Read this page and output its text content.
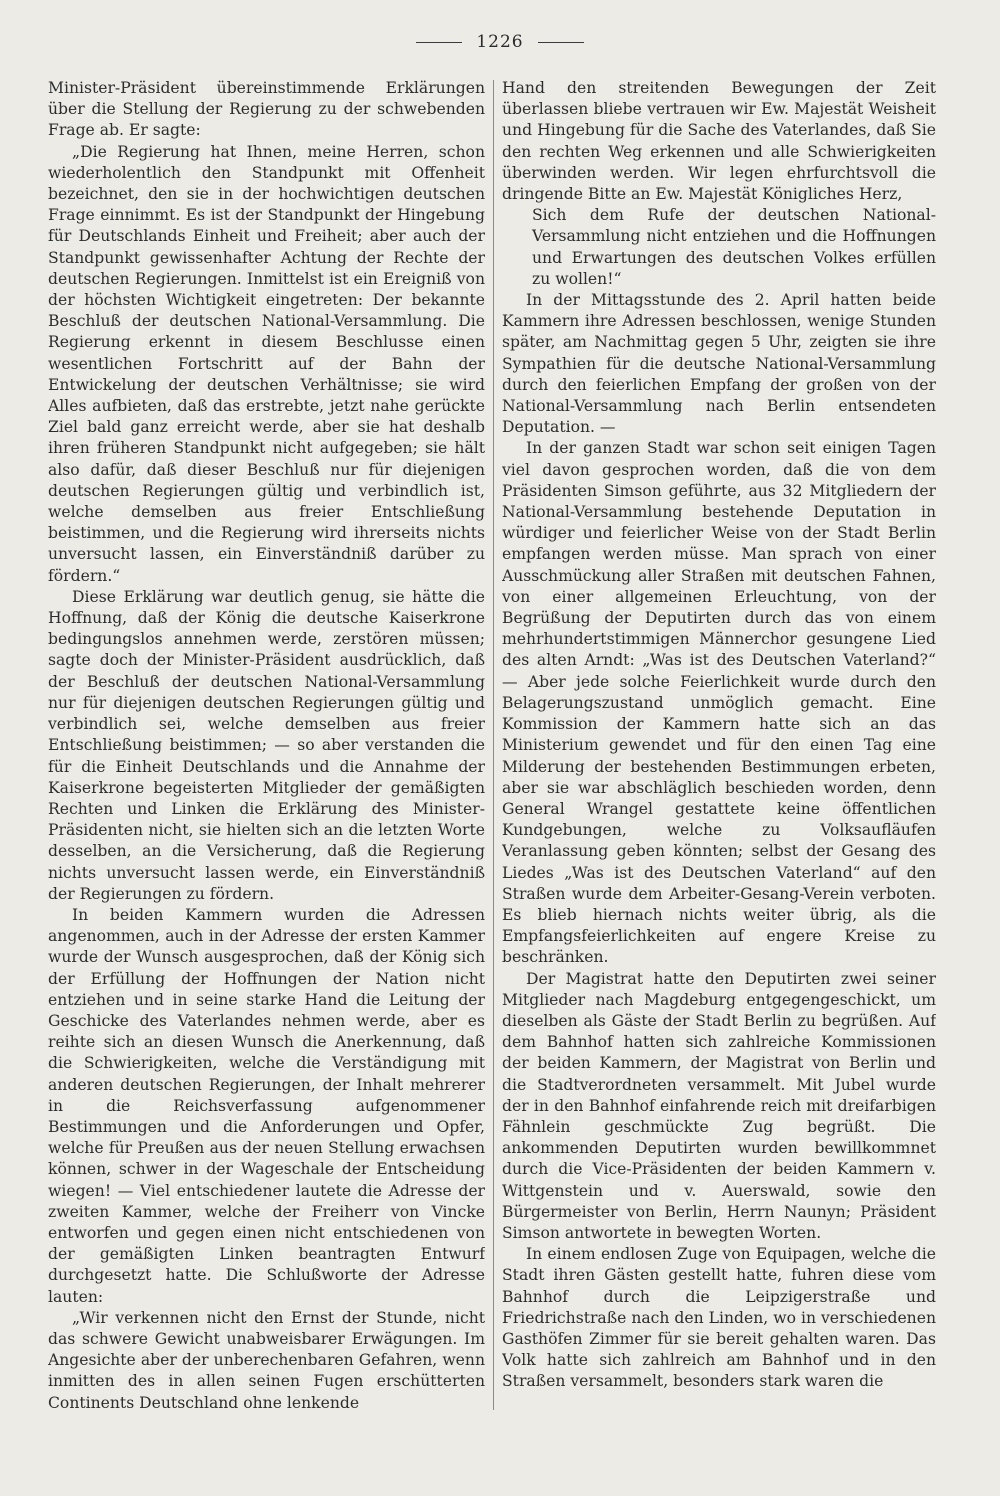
1226

Minister-Präsident übereinstimmende Erklärungen über die Stellung der Regierung zu der schwebenden Frage ab. Er sagte:

„Die Regierung hat Ihnen, meine Herren, schon wiederholentlich den Standpunkt mit Offenheit bezeichnet, den sie in der hochwichtigen deutschen Frage einnimmt. Es ist der Standpunkt der Hingebung für Deutschlands Einheit und Freiheit; aber auch der Standpunkt gewissenhafter Achtung der Rechte der deutschen Regierungen. Inmittelst ist ein Ereigniß von der höchsten Wichtigkeit eingetreten: Der bekannte Beschluß der deutschen National-Versammlung. Die Regierung erkennt in diesem Beschlusse einen wesentlichen Fortschritt auf der Bahn der Entwickelung der deutschen Verhältnisse; sie wird Alles aufbieten, daß das erstrebte, jetzt nahe gerückte Ziel bald ganz erreicht werde, aber sie hat deshalb ihren früheren Standpunkt nicht aufgegeben; sie hält also dafür, daß dieser Beschluß nur für diejenigen deutschen Regierungen gültig und verbindlich ist, welche demselben aus freier Entschließung beistimmen, und die Regierung wird ihrerseits nichts unversucht lassen, ein Einverständniß darüber zu fördern.“

Diese Erklärung war deutlich genug, sie hätte die Hoffnung, daß der König die deutsche Kaiserkrone bedingungslos annehmen werde, zerstören müssen; sagte doch der Minister-Präsident ausdrücklich, daß der Beschluß der deutschen National-Versammlung nur für diejenigen deutschen Regierungen gültig und verbindlich sei, welche demselben aus freier Entschließung beistimmen; — so aber verstanden die für die Einheit Deutschlands und die Annahme der Kaiserkrone begeisterten Mitglieder der gemäßigten Rechten und Linken die Erklärung des Minister-Präsidenten nicht, sie hielten sich an die letzten Worte desselben, an die Versicherung, daß die Regierung nichts unversucht lassen werde, ein Einverständniß der Regierungen zu fördern.

In beiden Kammern wurden die Adressen angenommen, auch in der Adresse der ersten Kammer wurde der Wunsch ausgesprochen, daß der König sich der Erfüllung der Hoffnungen der Nation nicht entziehen und in seine starke Hand die Leitung der Geschicke des Vaterlandes nehmen werde, aber es reihte sich an diesen Wunsch die Anerkennung, daß die Schwierigkeiten, welche die Verständigung mit anderen deutschen Regierungen, der Inhalt mehrerer in die Reichsverfassung aufgenommener Bestimmungen und die Anforderungen und Opfer, welche für Preußen aus der neuen Stellung erwachsen können, schwer in der Wageschale der Entscheidung wiegen! — Viel entschiedener lautete die Adresse der zweiten Kammer, welche der Freiherr von Vincke entworfen und gegen einen nicht entschiedenen von der gemäßigten Linken beantragten Entwurf durchgesetzt hatte. Die Schlußworte der Adresse lauten:

„Wir verkennen nicht den Ernst der Stunde, nicht das schwere Gewicht unabweisbarer Erwägungen. Im Angesichte aber der unberechenbaren Gefahren, wenn inmitten des in allen seinen Fugen erschütterten Continents Deutschland ohne lenkende

Hand den streitenden Bewegungen der Zeit überlassen bliebe vertrauen wir Ew. Majestät Weisheit und Hingebung für die Sache des Vaterlandes, daß Sie den rechten Weg erkennen und alle Schwierigkeiten überwinden werden. Wir legen ehrfurchtsvoll die dringende Bitte an Ew. Majestät Königliches Herz,

Sich dem Rufe der deutschen National-Versammlung nicht entziehen und die Hoffnungen und Erwartungen des deutschen Volkes erfüllen zu wollen!“

In der Mittagsstunde des 2. April hatten beide Kammern ihre Adressen beschlossen, wenige Stunden später, am Nachmittag gegen 5 Uhr, zeigten sie ihre Sympathien für die deutsche National-Versammlung durch den feierlichen Empfang der großen von der National-Versammlung nach Berlin entsendeten Deputation. —

In der ganzen Stadt war schon seit einigen Tagen viel davon gesprochen worden, daß die von dem Präsidenten Simson geführte, aus 32 Mitgliedern der National-Versammlung bestehende Deputation in würdiger und feierlicher Weise von der Stadt Berlin empfangen werden müsse. Man sprach von einer Ausschmückung aller Straßen mit deutschen Fahnen, von einer allgemeinen Erleuchtung, von der Begrüßung der Deputirten durch das von einem mehrhundertstimmigen Männerchor gesungene Lied des alten Arndt: „Was ist des Deutschen Vaterland?“ — Aber jede solche Feierlichkeit wurde durch den Belagerungszustand unmöglich gemacht. Eine Kommission der Kammern hatte sich an das Ministerium gewendet und für den einen Tag eine Milderung der bestehenden Bestimmungen erbeten, aber sie war abschläglich beschieden worden, denn General Wrangel gestattete keine öffentlichen Kundgebungen, welche zu Volksaufläufen Veranlassung geben könnten; selbst der Gesang des Liedes „Was ist des Deutschen Vaterland“ auf den Straßen wurde dem Arbeiter-Gesang-Verein verboten. Es blieb hiernach nichts weiter übrig, als die Empfangsfeierlichkeiten auf engere Kreise zu beschränken.

Der Magistrat hatte den Deputirten zwei seiner Mitglieder nach Magdeburg entgegengeschickt, um dieselben als Gäste der Stadt Berlin zu begrüßen. Auf dem Bahnhof hatten sich zahlreiche Kommissionen der beiden Kammern, der Magistrat von Berlin und die Stadtverordneten versammelt. Mit Jubel wurde der in den Bahnhof einfahrende reich mit dreifarbigen Fähnlein geschmückte Zug begrüßt. Die ankommenden Deputirten wurden bewillkommnet durch die Vice-Präsidenten der beiden Kammern v. Wittgenstein und v. Auerswald, sowie den Bürgermeister von Berlin, Herrn Naunyn; Präsident Simson antwortete in bewegten Worten.

In einem endlosen Zuge von Equipagen, welche die Stadt ihren Gästen gestellt hatte, fuhren diese vom Bahnhof durch die Leipzigerstraße und Friedrichstraße nach den Linden, wo in verschiedenen Gasthöfen Zimmer für sie bereit gehalten waren. Das Volk hatte sich zahlreich am Bahnhof und in den Straßen versammelt, besonders stark waren die
